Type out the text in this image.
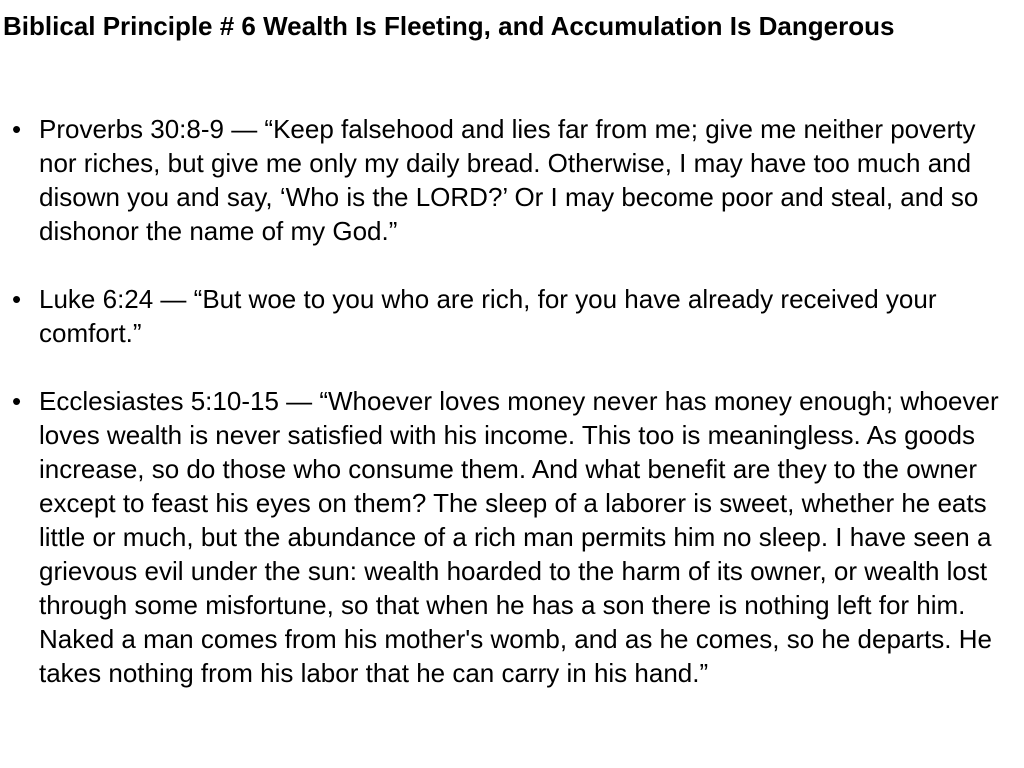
Biblical Principle # 6 Wealth Is Fleeting, and Accumulation Is Dangerous
• Proverbs 30:8-9 — “Keep falsehood and lies far from me; give me neither poverty nor riches, but give me only my daily bread. Otherwise, I may have too much and disown you and say, ‘Who is the LORD?’ Or I may become poor and steal, and so dishonor the name of my God.”
• Luke 6:24 — “But woe to you who are rich, for you have already received your comfort.”
• Ecclesiastes 5:10-15 — “Whoever loves money never has money enough; whoever loves wealth is never satisfied with his income. This too is meaningless. As goods increase, so do those who consume them. And what benefit are they to the owner except to feast his eyes on them? The sleep of a laborer is sweet, whether he eats little or much, but the abundance of a rich man permits him no sleep. I have seen a grievous evil under the sun: wealth hoarded to the harm of its owner, or wealth lost through some misfortune, so that when he has a son there is nothing left for him. Naked a man comes from his mother's womb, and as he comes, so he departs. He takes nothing from his labor that he can carry in his hand.”
